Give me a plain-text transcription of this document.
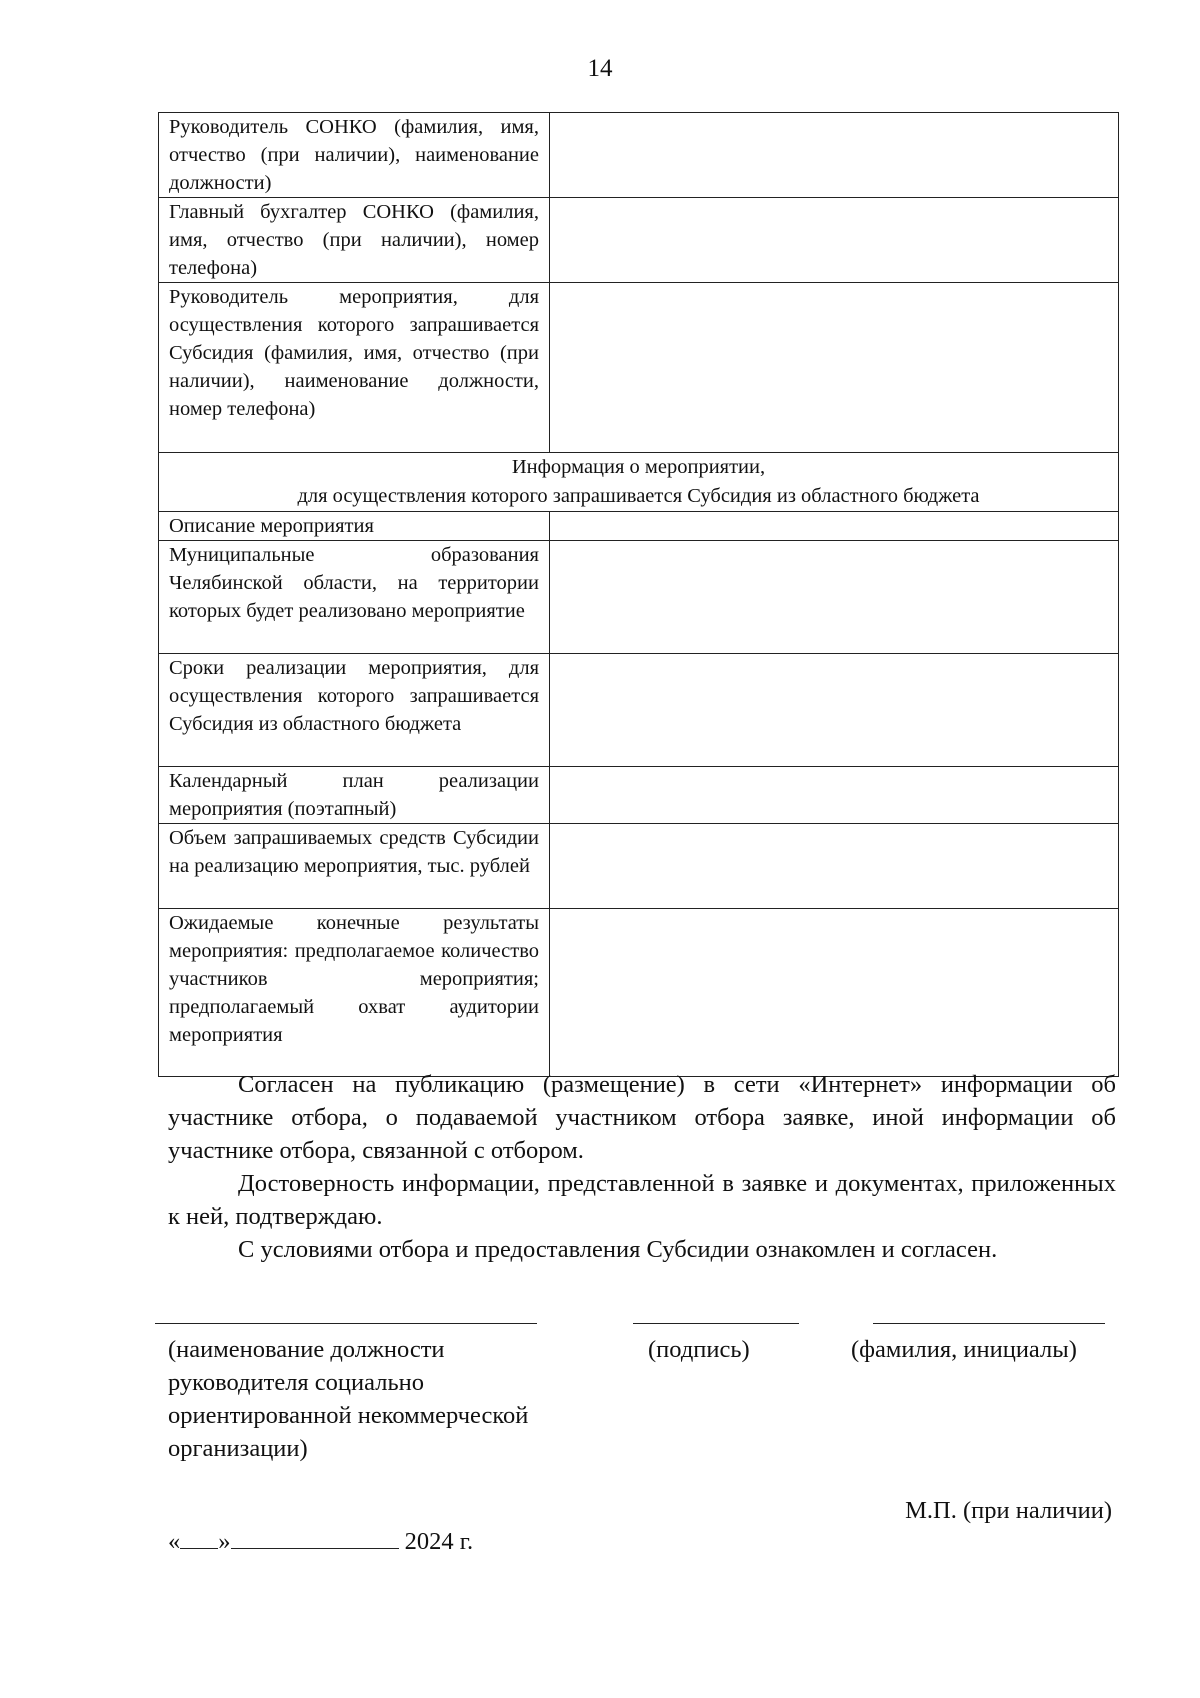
14
Руководитель СОНКО (фамилия, имя, отчество (при наличии), наименование должности)	
Главный бухгалтер СОНКО (фамилия, имя, отчество (при наличии), номер телефона)	
Руководитель мероприятия, для осуществления которого запрашивается Субсидия (фамилия, имя, отчество (при наличии), наименование должности, номер телефона)	

Информация о мероприятии,
для осуществления которого запрашивается Субсидия из областного бюджета	

Описание мероприятия	
Муниципальные образования Челябинской области, на территории которых будет реализовано мероприятие	
Сроки реализации мероприятия, для осуществления которого запрашивается Субсидия из областного бюджета	
Календарный план реализации мероприятия (поэтапный)	
Объем запрашиваемых средств Субсидии на реализацию мероприятия, тыс. рублей	
Ожидаемые конечные результаты мероприятия: предполагаемое количество участников мероприятия; предполагаемый охват аудитории мероприятия	

Согласен на публикацию (размещение) в сети «Интернет» информации об участнике отбора, о подаваемой участником отбора заявке, иной информации об участнике отбора, связанной с отбором.

Достоверность информации, представленной в заявке и документах, приложенных к ней, подтверждаю.

С условиями отбора и предоставления Субсидии ознакомлен и согласен.

(наименование должности руководителя социально ориентированной некоммерческой организации)
(подпись)	(фамилия, инициалы)
М.П. (при наличии)
« »	2024 г.
